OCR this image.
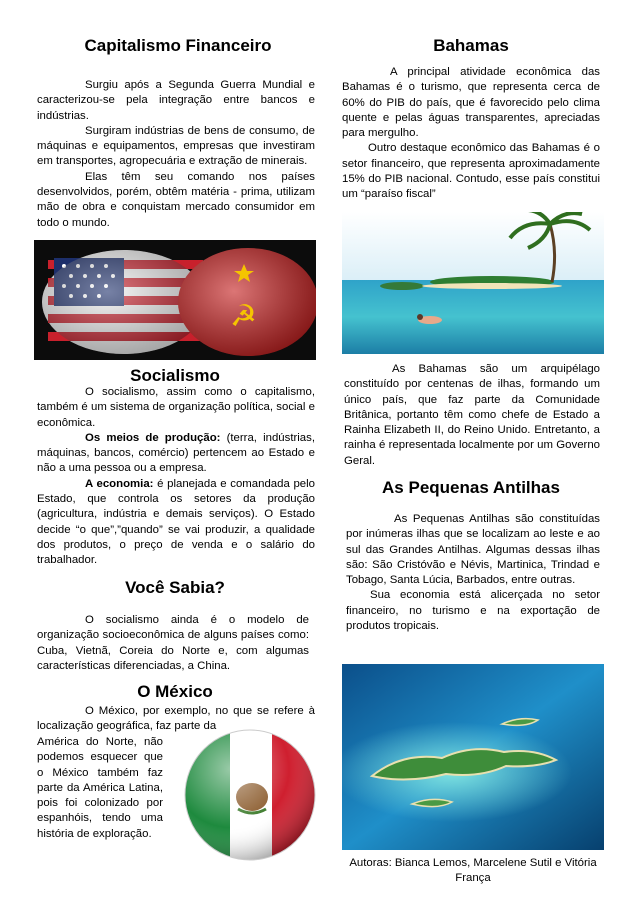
Capitalismo Financeiro
Surgiu após a Segunda Guerra Mundial e caracterizou-se pela integração entre bancos e indústrias.
Surgiram indústrias de bens de consumo, de máquinas e equipamentos, empresas que investiram em transportes, agropecuária e extração de minerais.
Elas têm seu comando nos países desenvolvidos, porém, obtêm matéria - prima, utilizam mão de obra e conquistam mercado consumidor em todo o mundo.
☭
Socialismo
O socialismo, assim como o capitalismo, também é um sistema de organização política, social e econômica.
Os meios de produção: (terra, indústrias, máquinas, bancos, comércio) pertencem ao Estado e não a uma pessoa ou a empresa.
A economia: é planejada e comandada pelo Estado, que controla os setores da produção (agricultura, indústria e demais serviços). O Estado decide “o que”,”quando” se vai produzir, a qualidade dos produtos, o preço de venda e o salário do trabalhador.
Você Sabia?
O socialismo ainda é o modelo de organização socioeconômica de alguns países como: Cuba, Vietnã, Coreia do Norte e, com algumas características diferenciadas, a China.
O México
O México, por exemplo, no que se refere à localização geográfica, faz parte da
América do Norte, não podemos esquecer que o México também faz parte da América Latina, pois foi colonizado por espanhóis, tendo uma história de exploração.
Bahamas
A principal atividade econômica das Bahamas é o turismo, que representa cerca de 60% do PIB do país, que é favorecido pelo clima quente e pelas águas transparentes, apreciadas para mergulho.
Outro destaque econômico das Bahamas é o setor financeiro, que representa aproximadamente 15% do PIB nacional. Contudo, esse país constitui um “paraíso fiscal”
As Bahamas são um arquipélago constituído por centenas de ilhas, formando um único país, que faz parte da Comunidade Britânica, portanto têm como chefe de Estado a Rainha Elizabeth II, do Reino Unido. Entretanto, a rainha é representada localmente por um Governo Geral.
As Pequenas Antilhas
As Pequenas Antilhas são constituídas por inúmeras ilhas que se localizam ao leste e ao sul das Grandes Antilhas. Algumas dessas ilhas são: São Cristóvão e Névis, Martinica, Trindad e Tobago, Santa Lúcia, Barbados, entre outras.
Sua economia está alicerçada no setor financeiro, no turismo e na exportação de produtos tropicais.
Autoras: Bianca Lemos, Marcelene Sutil e Vitória França
